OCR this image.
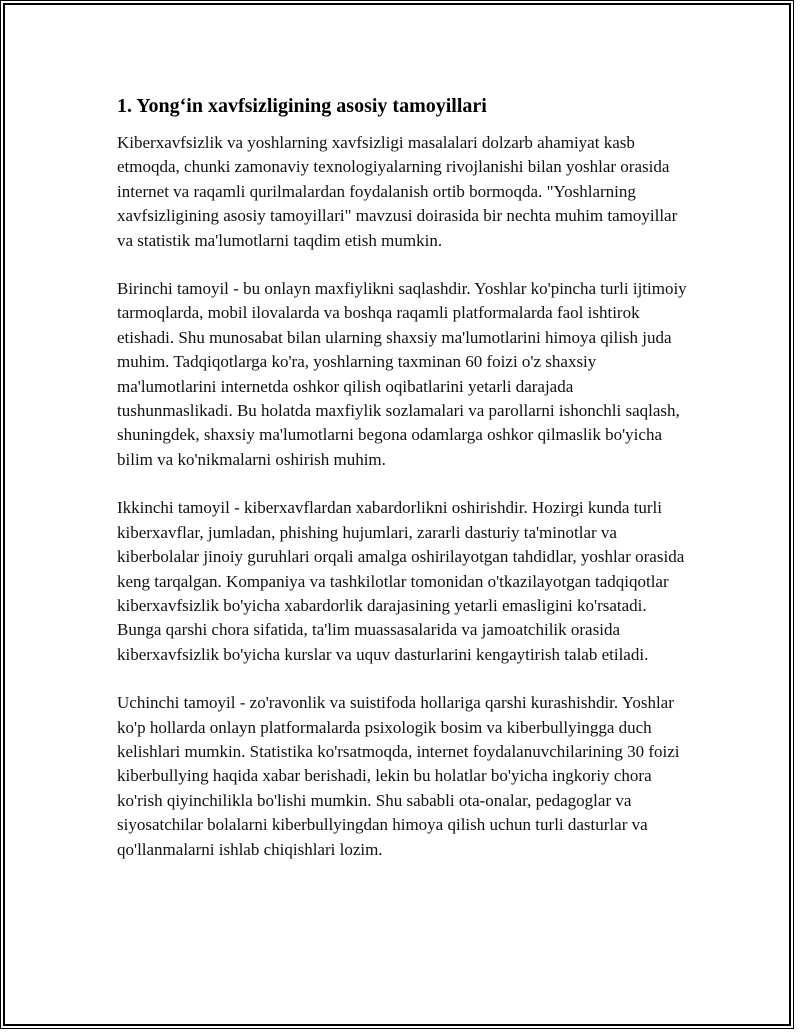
1. Yong‘in xavfsizligining asosiy tamoyillari

Kiberxavfsizlik va yoshlarning xavfsizligi masalalari dolzarb ahamiyat kasb etmoqda, chunki zamonaviy texnologiyalarning rivojlanishi bilan yoshlar orasida internet va raqamli qurilmalardan foydalanish ortib bormoqda. "Yoshlarning xavfsizligining asosiy tamoyillari" mavzusi doirasida bir nechta muhim tamoyillar va statistik ma'lumotlarni taqdim etish mumkin.

Birinchi tamoyil - bu onlayn maxfiylikni saqlashdir. Yoshlar ko'pincha turli ijtimoiy tarmoqlarda, mobil ilovalarda va boshqa raqamli platformalarda faol ishtirok etishadi. Shu munosabat bilan ularning shaxsiy ma'lumotlarini himoya qilish juda muhim. Tadqiqotlarga ko'ra, yoshlarning taxminan 60 foizi o'z shaxsiy ma'lumotlarini internetda oshkor qilish oqibatlarini yetarli darajada tushunmaslikadi. Bu holatda maxfiylik sozlamalari va parollarni ishonchli saqlash, shuningdek, shaxsiy ma'lumotlarni begona odamlarga oshkor qilmaslik bo'yicha bilim va ko'nikmalarni oshirish muhim.

Ikkinchi tamoyil - kiberxavflardan xabardorlikni oshirishdir. Hozirgi kunda turli kiberxavflar, jumladan, phishing hujumlari, zararli dasturiy ta'minotlar va kiberbolalar jinoiy guruhlari orqali amalga oshirilayotgan tahdidlar, yoshlar orasida keng tarqalgan. Kompaniya va tashkilotlar tomonidan o'tkazilayotgan tadqiqotlar kiberxavfsizlik bo'yicha xabardorlik darajasining yetarli emasligini ko'rsatadi. Bunga qarshi chora sifatida, ta'lim muassasalarida va jamoatchilik orasida kiberxavfsizlik bo'yicha kurslar va uquv dasturlarini kengaytirish talab etiladi.

Uchinchi tamoyil - zo'ravonlik va suistifoda hollariga qarshi kurashishdir. Yoshlar ko'p hollarda onlayn platformalarda psixologik bosim va kiberbullyingga duch kelishlari mumkin. Statistika ko'rsatmoqda, internet foydalanuvchilarining 30 foizi kiberbullying haqida xabar berishadi, lekin bu holatlar bo'yicha ingkoriy chora ko'rish qiyinchilikla bo'lishi mumkin. Shu sababli ota-onalar, pedagoglar va siyosatchilar bolalarni kiberbullyingdan himoya qilish uchun turli dasturlar va qo'llanmalarni ishlab chiqishlari lozim.
